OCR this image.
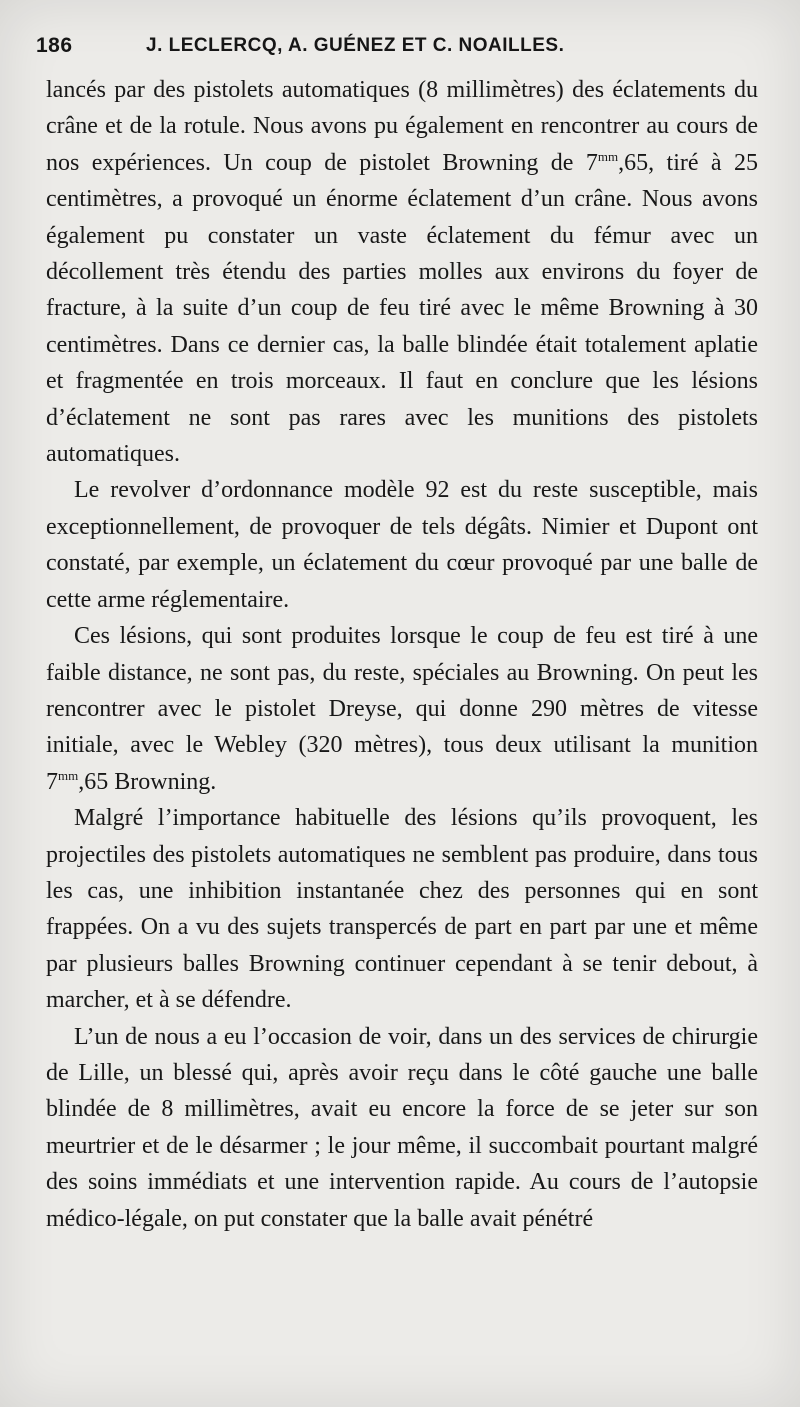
186	J. LECLERCQ, A. GUÉNEZ ET C. NOAILLES.

lancés par des pistolets automatiques (8 millimètres) des éclatements du crâne et de la rotule. Nous avons pu également en rencontrer au cours de nos expériences. Un coup de pistolet Browning de $7^{mm},65$, tiré à 25 centimètres, a provoqué un énorme éclatement d’un crâne. Nous avons également pu constater un vaste éclatement du fémur avec un décollement très étendu des parties molles aux environs du foyer de fracture, à la suite d’un coup de feu tiré avec le même Browning à 30 centimètres. Dans ce dernier cas, la balle blindée était totalement aplatie et fragmentée en trois morceaux. Il faut en conclure que les lésions d’éclatement ne sont pas rares avec les munitions des pistolets automatiques.

Le revolver d’ordonnance modèle 92 est du reste susceptible, mais exceptionnellement, de provoquer de tels dégâts. Nimier et Dupont ont constaté, par exemple, un éclatement du cœur provoqué par une balle de cette arme réglementaire.

Ces lésions, qui sont produites lorsque le coup de feu est tiré à une faible distance, ne sont pas, du reste, spéciales au Browning. On peut les rencontrer avec le pistolet Dreyse, qui donne 290 mètres de vitesse initiale, avec le Webley (320 mètres), tous deux utilisant la munition $7^{mm},65$ Browning.

Malgré l’importance habituelle des lésions qu’ils provoquent, les projectiles des pistolets automatiques ne semblent pas produire, dans tous les cas, une inhibition instantanée chez des personnes qui en sont frappées. On a vu des sujets transpercés de part en part par une et même par plusieurs balles Browning continuer cependant à se tenir debout, à marcher, et à se défendre.

L’un de nous a eu l’occasion de voir, dans un des services de chirurgie de Lille, un blessé qui, après avoir reçu dans le côté gauche une balle blindée de 8 millimètres, avait eu encore la force de se jeter sur son meurtrier et de le désarmer ; le jour même, il succombait pourtant malgré des soins immédiats et une intervention rapide. Au cours de l’autopsie médico-légale, on put constater que la balle avait pénétré
